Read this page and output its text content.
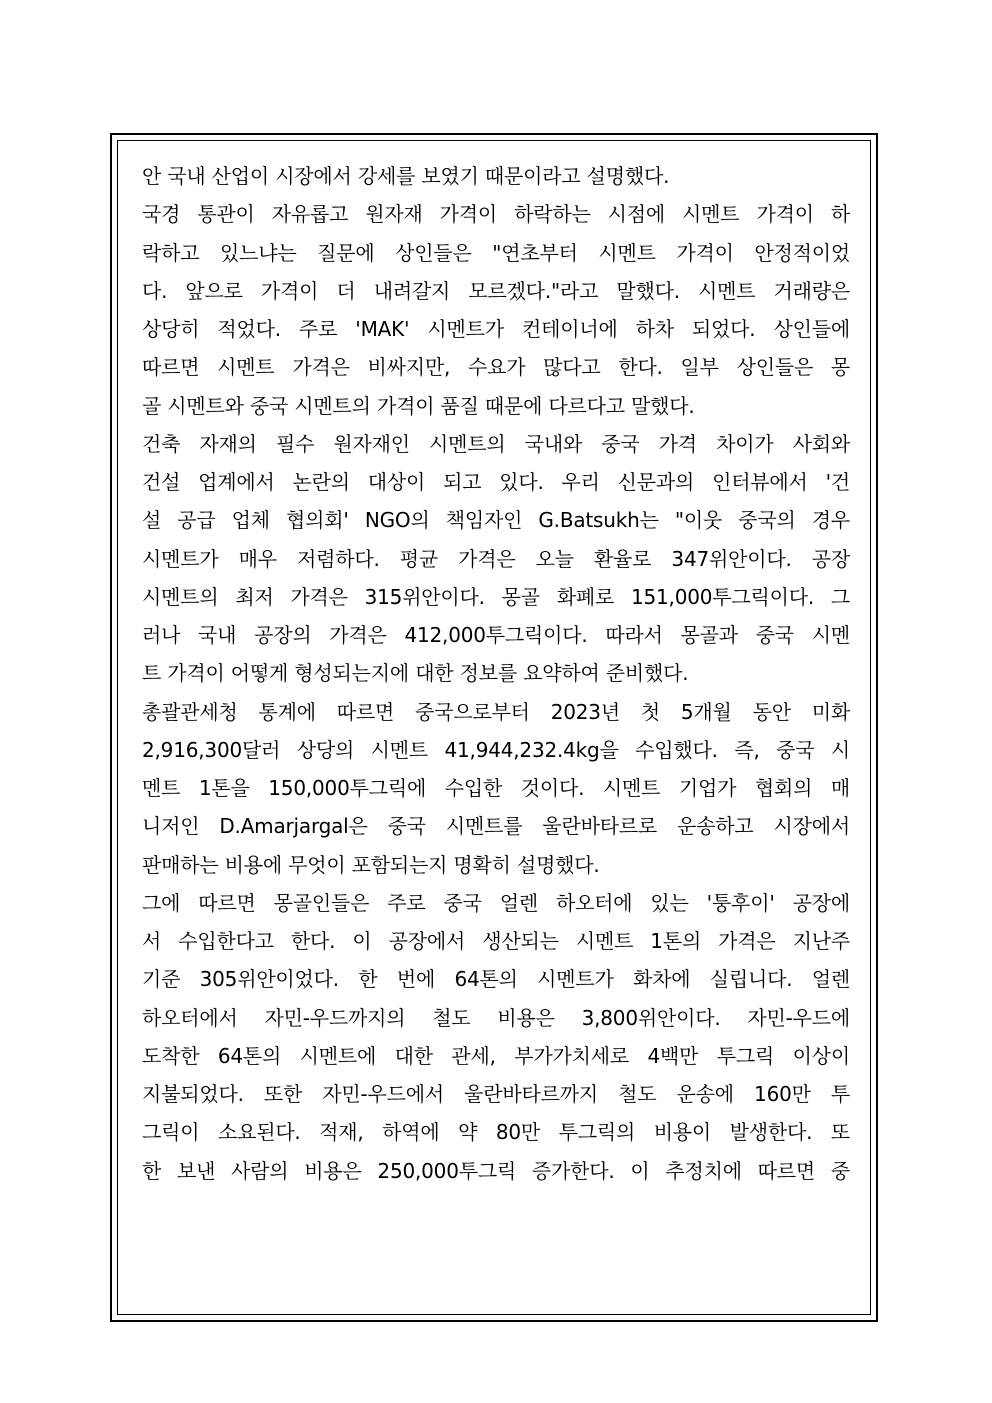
안 국내 산업이 시장에서 강세를 보였기 때문이라고 설명했다.
국경 통관이 자유롭고 원자재 가격이 하락하는 시점에 시멘트 가격이 하
락하고 있느냐는 질문에 상인들은 "연초부터 시멘트 가격이 안정적이었
다. 앞으로 가격이 더 내려갈지 모르겠다."라고 말했다. 시멘트 거래량은
상당히 적었다. 주로 'MAK' 시멘트가 컨테이너에 하차 되었다. 상인들에
따르면 시멘트 가격은 비싸지만, 수요가 많다고 한다. 일부 상인들은 몽
골 시멘트와 중국 시멘트의 가격이 품질 때문에 다르다고 말했다.
건축 자재의 필수 원자재인 시멘트의 국내와 중국 가격 차이가 사회와
건설 업계에서 논란의 대상이 되고 있다. 우리 신문과의 인터뷰에서 '건
설 공급 업체 협의회' NGO의 책임자인 G.Batsukh는 "이웃 중국의 경우
시멘트가 매우 저렴하다. 평균 가격은 오늘 환율로 347위안이다. 공장
시멘트의 최저 가격은 315위안이다. 몽골 화폐로 151,000투그릭이다. 그
러나 국내 공장의 가격은 412,000투그릭이다. 따라서 몽골과 중국 시멘
트 가격이 어떻게 형성되는지에 대한 정보를 요약하여 준비했다.
총괄관세청 통계에 따르면 중국으로부터 2023년 첫 5개월 동안 미화
2,916,300달러 상당의 시멘트 41,944,232.4kg을 수입했다. 즉, 중국 시
멘트 1톤을 150,000투그릭에 수입한 것이다. 시멘트 기업가 협회의 매
니저인 D.Amarjargal은 중국 시멘트를 울란바타르로 운송하고 시장에서
판매하는 비용에 무엇이 포함되는지 명확히 설명했다.
그에 따르면 몽골인들은 주로 중국 얼렌 하오터에 있는 '퉁후이' 공장에
서 수입한다고 한다. 이 공장에서 생산되는 시멘트 1톤의 가격은 지난주
기준 305위안이었다. 한 번에 64톤의 시멘트가 화차에 실립니다. 얼렌
하오터에서 자민-우드까지의 철도 비용은 3,800위안이다. 자민-우드에
도착한 64톤의 시멘트에 대한 관세, 부가가치세로 4백만 투그릭 이상이
지불되었다. 또한 자민-우드에서 울란바타르까지 철도 운송에 160만 투
그릭이 소요된다. 적재, 하역에 약 80만 투그릭의 비용이 발생한다. 또
한 보낸 사람의 비용은 250,000투그릭 증가한다. 이 추정치에 따르면 중
